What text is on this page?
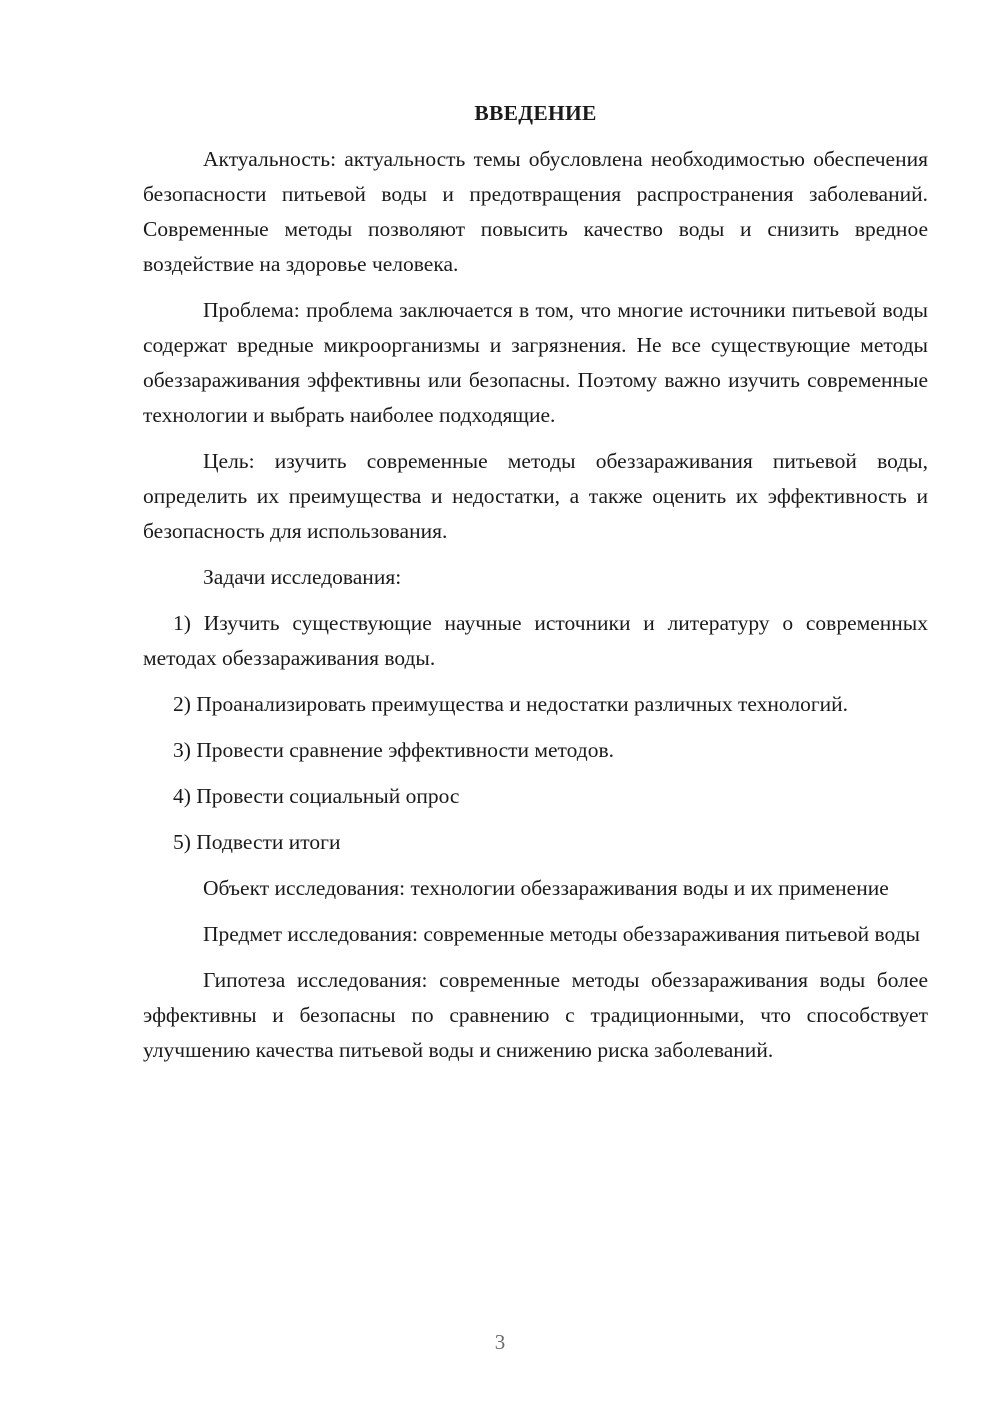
ВВЕДЕНИЕ

Актуальность: актуальность темы обусловлена необходимостью обеспечения безопасности питьевой воды и предотвращения распространения заболеваний. Современные методы позволяют повысить качество воды и снизить вредное воздействие на здоровье человека.

Проблема: проблема заключается в том, что многие источники питьевой воды содержат вредные микроорганизмы и загрязнения. Не все существующие методы обеззараживания эффективны или безопасны. Поэтому важно изучить современные технологии и выбрать наиболее подходящие.

Цель: изучить современные методы обеззараживания питьевой воды, определить их преимущества и недостатки, а также оценить их эффективность и безопасность для использования.

Задачи исследования:

1) Изучить существующие научные источники и литературу о современных методах обеззараживания воды.

2) Проанализировать преимущества и недостатки различных технологий.

3) Провести сравнение эффективности методов.

4) Провести социальный опрос

5) Подвести итоги

Объект исследования: технологии обеззараживания воды и их применение

Предмет исследования: современные методы обеззараживания питьевой воды

Гипотеза исследования: современные методы обеззараживания воды более эффективны и безопасны по сравнению с традиционными, что способствует улучшению качества питьевой воды и снижению риска заболеваний.

3
